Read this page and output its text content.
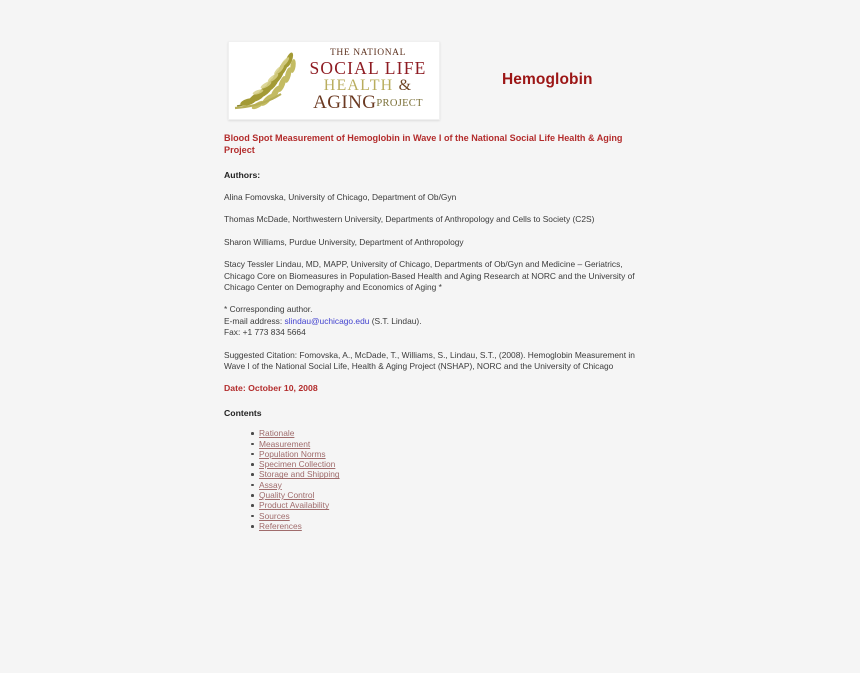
THE NATIONAL
SOCIAL LIFE
HEALTH &
AGINGPROJECT
Hemoglobin
Blood Spot Measurement of Hemoglobin in Wave I of the National Social Life Health & Aging Project
Authors:

Alina Fomovska, University of Chicago, Department of Ob/Gyn

Thomas McDade, Northwestern University, Departments of Anthropology and Cells to Society (C2S)

Sharon Williams, Purdue University, Department of Anthropology

Stacy Tessler Lindau, MD, MAPP, University of Chicago, Departments of Ob/Gyn and Medicine – Geriatrics, Chicago Core on Biomeasures in Population-Based Health and Aging Research at NORC and the University of Chicago Center on Demography and Economics of Aging *

* Corresponding author.
E-mail address: slindau@uchicago.edu (S.T. Lindau).
Fax: +1 773 834 5664

Suggested Citation: Fomovska, A., McDade, T., Williams, S., Lindau, S.T., (2008). Hemoglobin Measurement in Wave I of the National Social Life, Health & Aging Project (NSHAP), NORC and the University of Chicago

Date: October 10, 2008
Contents
Rationale
Measurement
Population Norms
Specimen Collection
Storage and Shipping
Assay
Quality Control
Product Availability
Sources
References
